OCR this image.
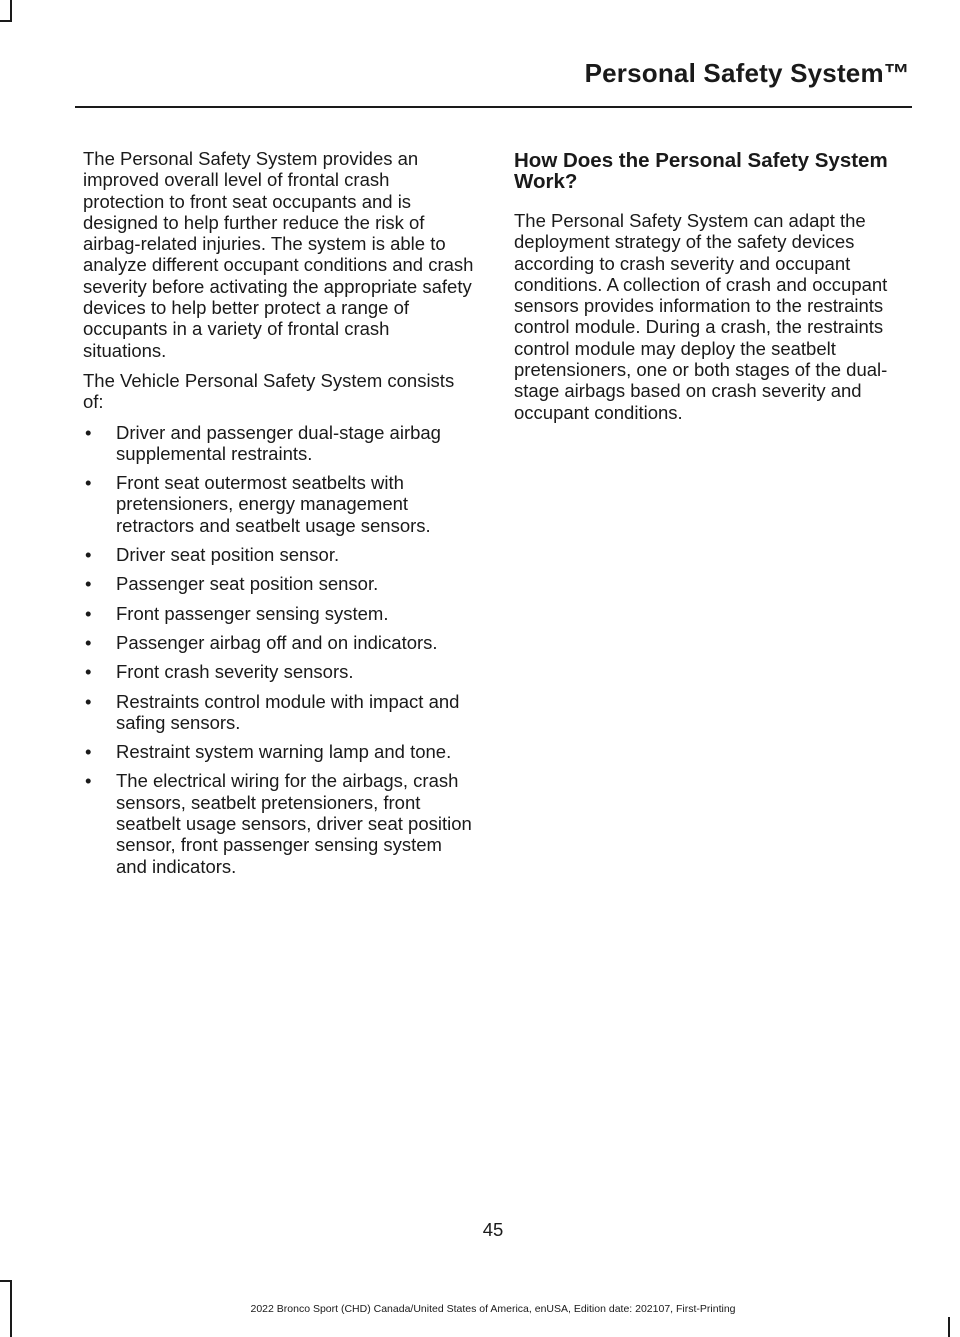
Personal Safety System™

The Personal Safety System provides an improved overall level of frontal crash protection to front seat occupants and is designed to help further reduce the risk of airbag-related injuries. The system is able to analyze different occupant conditions and crash severity before activating the appropriate safety devices to help better protect a range of occupants in a variety of frontal crash situations.

The Vehicle Personal Safety System consists of:

• Driver and passenger dual-stage airbag supplemental restraints.
• Front seat outermost seatbelts with pretensioners, energy management retractors and seatbelt usage sensors.
• Driver seat position sensor.
• Passenger seat position sensor.
• Front passenger sensing system.
• Passenger airbag off and on indicators.
• Front crash severity sensors.
• Restraints control module with impact and safing sensors.
• Restraint system warning lamp and tone.
• The electrical wiring for the airbags, crash sensors, seatbelt pretensioners, front seatbelt usage sensors, driver seat position sensor, front passenger sensing system and indicators.
How Does the Personal Safety System Work?

The Personal Safety System can adapt the deployment strategy of the safety devices according to crash severity and occupant conditions. A collection of crash and occupant sensors provides information to the restraints control module. During a crash, the restraints control module may deploy the seatbelt pretensioners, one or both stages of the dual-stage airbags based on crash severity and occupant conditions.

45
2022 Bronco Sport (CHD) Canada/United States of America, enUSA, Edition date: 202107, First-Printing
